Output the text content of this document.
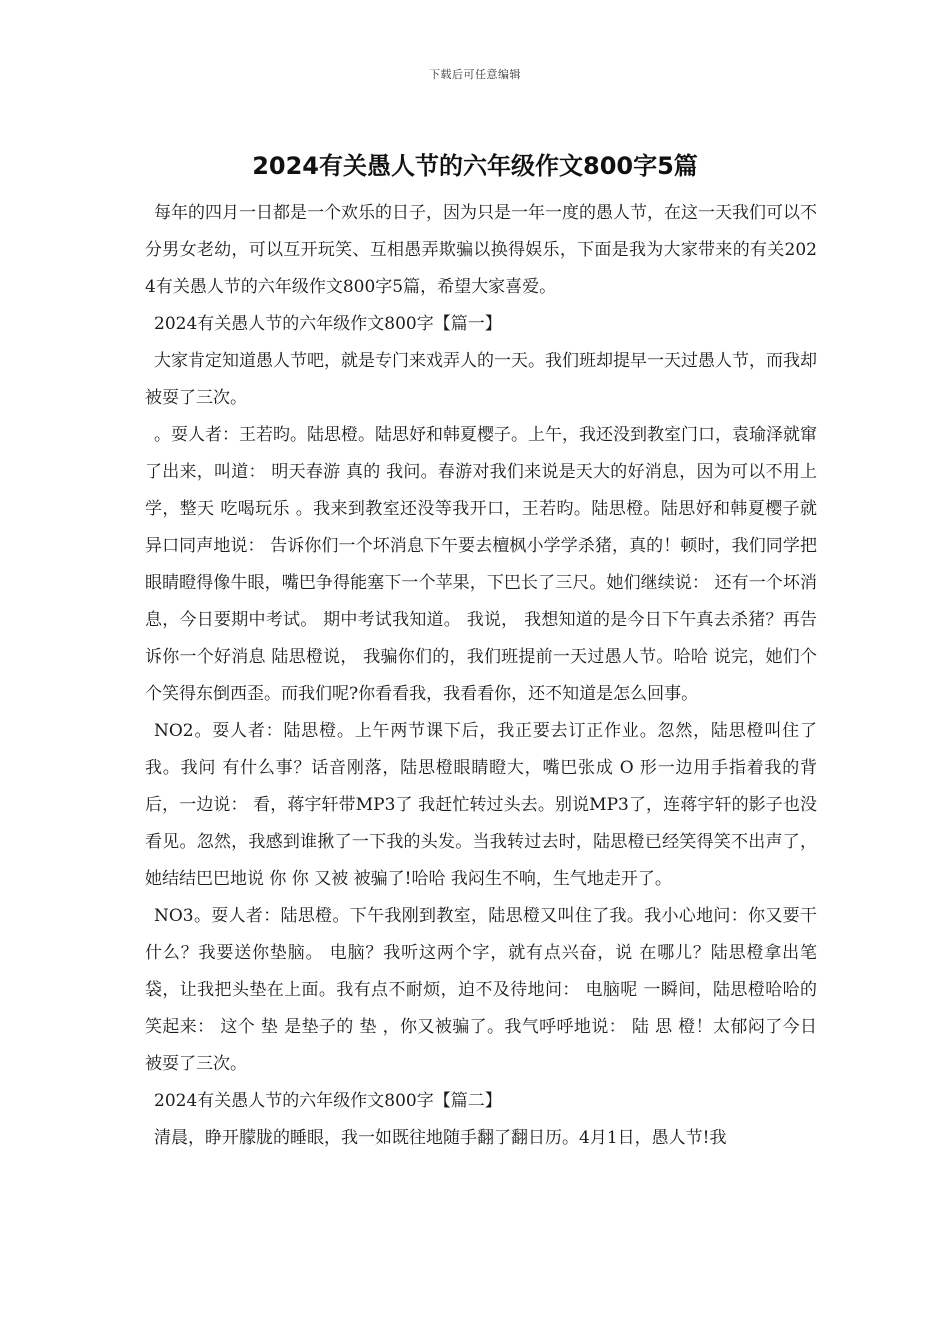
下载后可任意编辑
2024有关愚人节的六年级作文800字5篇

每年的四月一日都是一个欢乐的日子，因为只是一年一度的愚人节，在这一天我们可以不分男女老幼，可以互开玩笑、互相愚弄欺骗以换得娱乐，下面是我为大家带来的有关2024有关愚人节的六年级作文800字5篇，希望大家喜爱。

2024有关愚人节的六年级作文800字【篇一】

大家肯定知道愚人节吧，就是专门来戏弄人的一天。我们班却提早一天过愚人节，而我却被耍了三次。

。耍人者：王若昀。陆思橙。陆思妤和韩夏樱子。上午，我还没到教室门口，袁瑜泽就窜了出来，叫道： 明天春游 真的 我问。春游对我们来说是天大的好消息，因为可以不用上学，整天 吃喝玩乐 。我来到教室还没等我开口，王若昀。陆思橙。陆思妤和韩夏樱子就异口同声地说： 告诉你们一个坏消息下午要去檀枫小学学杀猪，真的！顿时，我们同学把眼睛瞪得像牛眼，嘴巴争得能塞下一个苹果，下巴长了三尺。她们继续说： 还有一个坏消息，今日要期中考试。 期中考试我知道。 我说， 我想知道的是今日下午真去杀猪？再告诉你一个好消息 陆思橙说， 我骗你们的，我们班提前一天过愚人节。哈哈 说完，她们个个笑得东倒西歪。而我们呢?你看看我，我看看你，还不知道是怎么回事。

NO2。耍人者：陆思橙。上午两节课下后，我正要去订正作业。忽然，陆思橙叫住了我。我问 有什么事？话音刚落，陆思橙眼睛瞪大，嘴巴张成 O 形一边用手指着我的背后，一边说： 看，蒋宇轩带MP3了 我赶忙转过头去。别说MP3了，连蒋宇轩的影子也没看见。忽然，我感到谁揪了一下我的头发。当我转过去时，陆思橙已经笑得笑不出声了，她结结巴巴地说 你 你 又被 被骗了!哈哈 我闷生不响，生气地走开了。

NO3。耍人者：陆思橙。下午我刚到教室，陆思橙又叫住了我。我小心地问：你又要干什么？我要送你垫脑。 电脑？我听这两个字，就有点兴奋，说 在哪儿？陆思橙拿出笔袋，让我把头垫在上面。我有点不耐烦，迫不及待地问： 电脑呢 一瞬间，陆思橙哈哈的笑起来： 这个 垫 是垫子的 垫 ，你又被骗了。我气呼呼地说： 陆 思 橙！太郁闷了今日被耍了三次。

2024有关愚人节的六年级作文800字【篇二】

清晨，睁开朦胧的睡眼，我一如既往地随手翻了翻日历。4月1日，愚人节!我
